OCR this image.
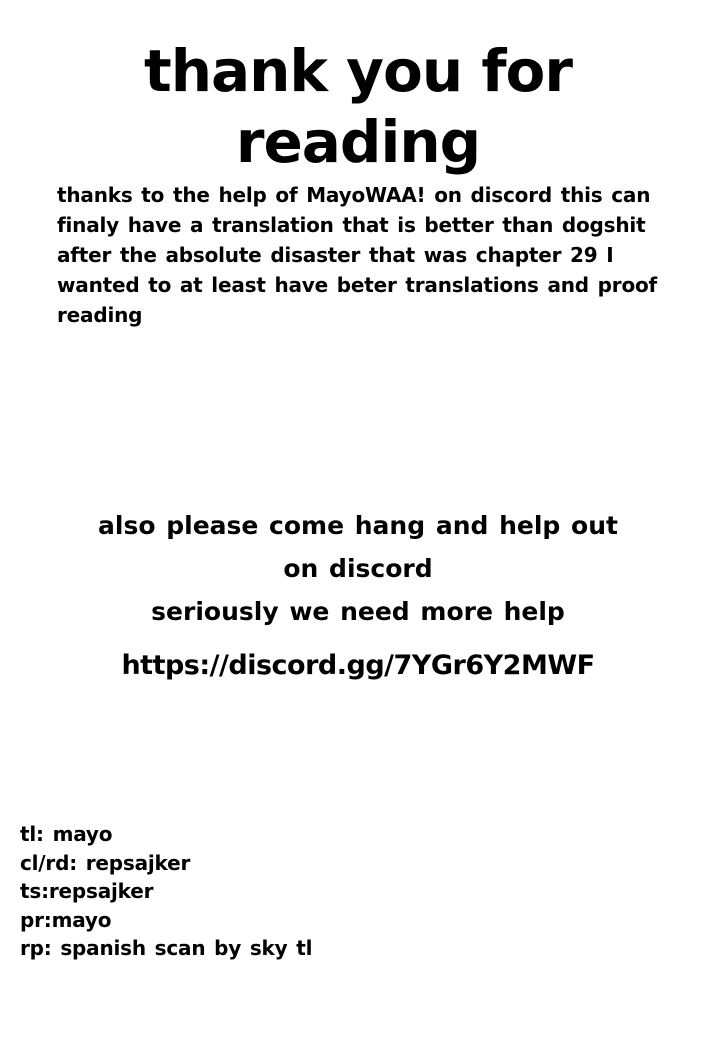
thank you for
reading
thanks to the help of MayoWAA! on discord this can
finaly have a translation that is better than dogshit
after the absolute disaster that was chapter 29 I
wanted to at least have beter translations and proof
reading
also please come hang and help out
on discord
seriously we need more help
https://discord.gg/7YGr6Y2MWF
tl: mayo
cl/rd: repsajker
ts:repsajker
pr:mayo
rp: spanish scan by sky tl
